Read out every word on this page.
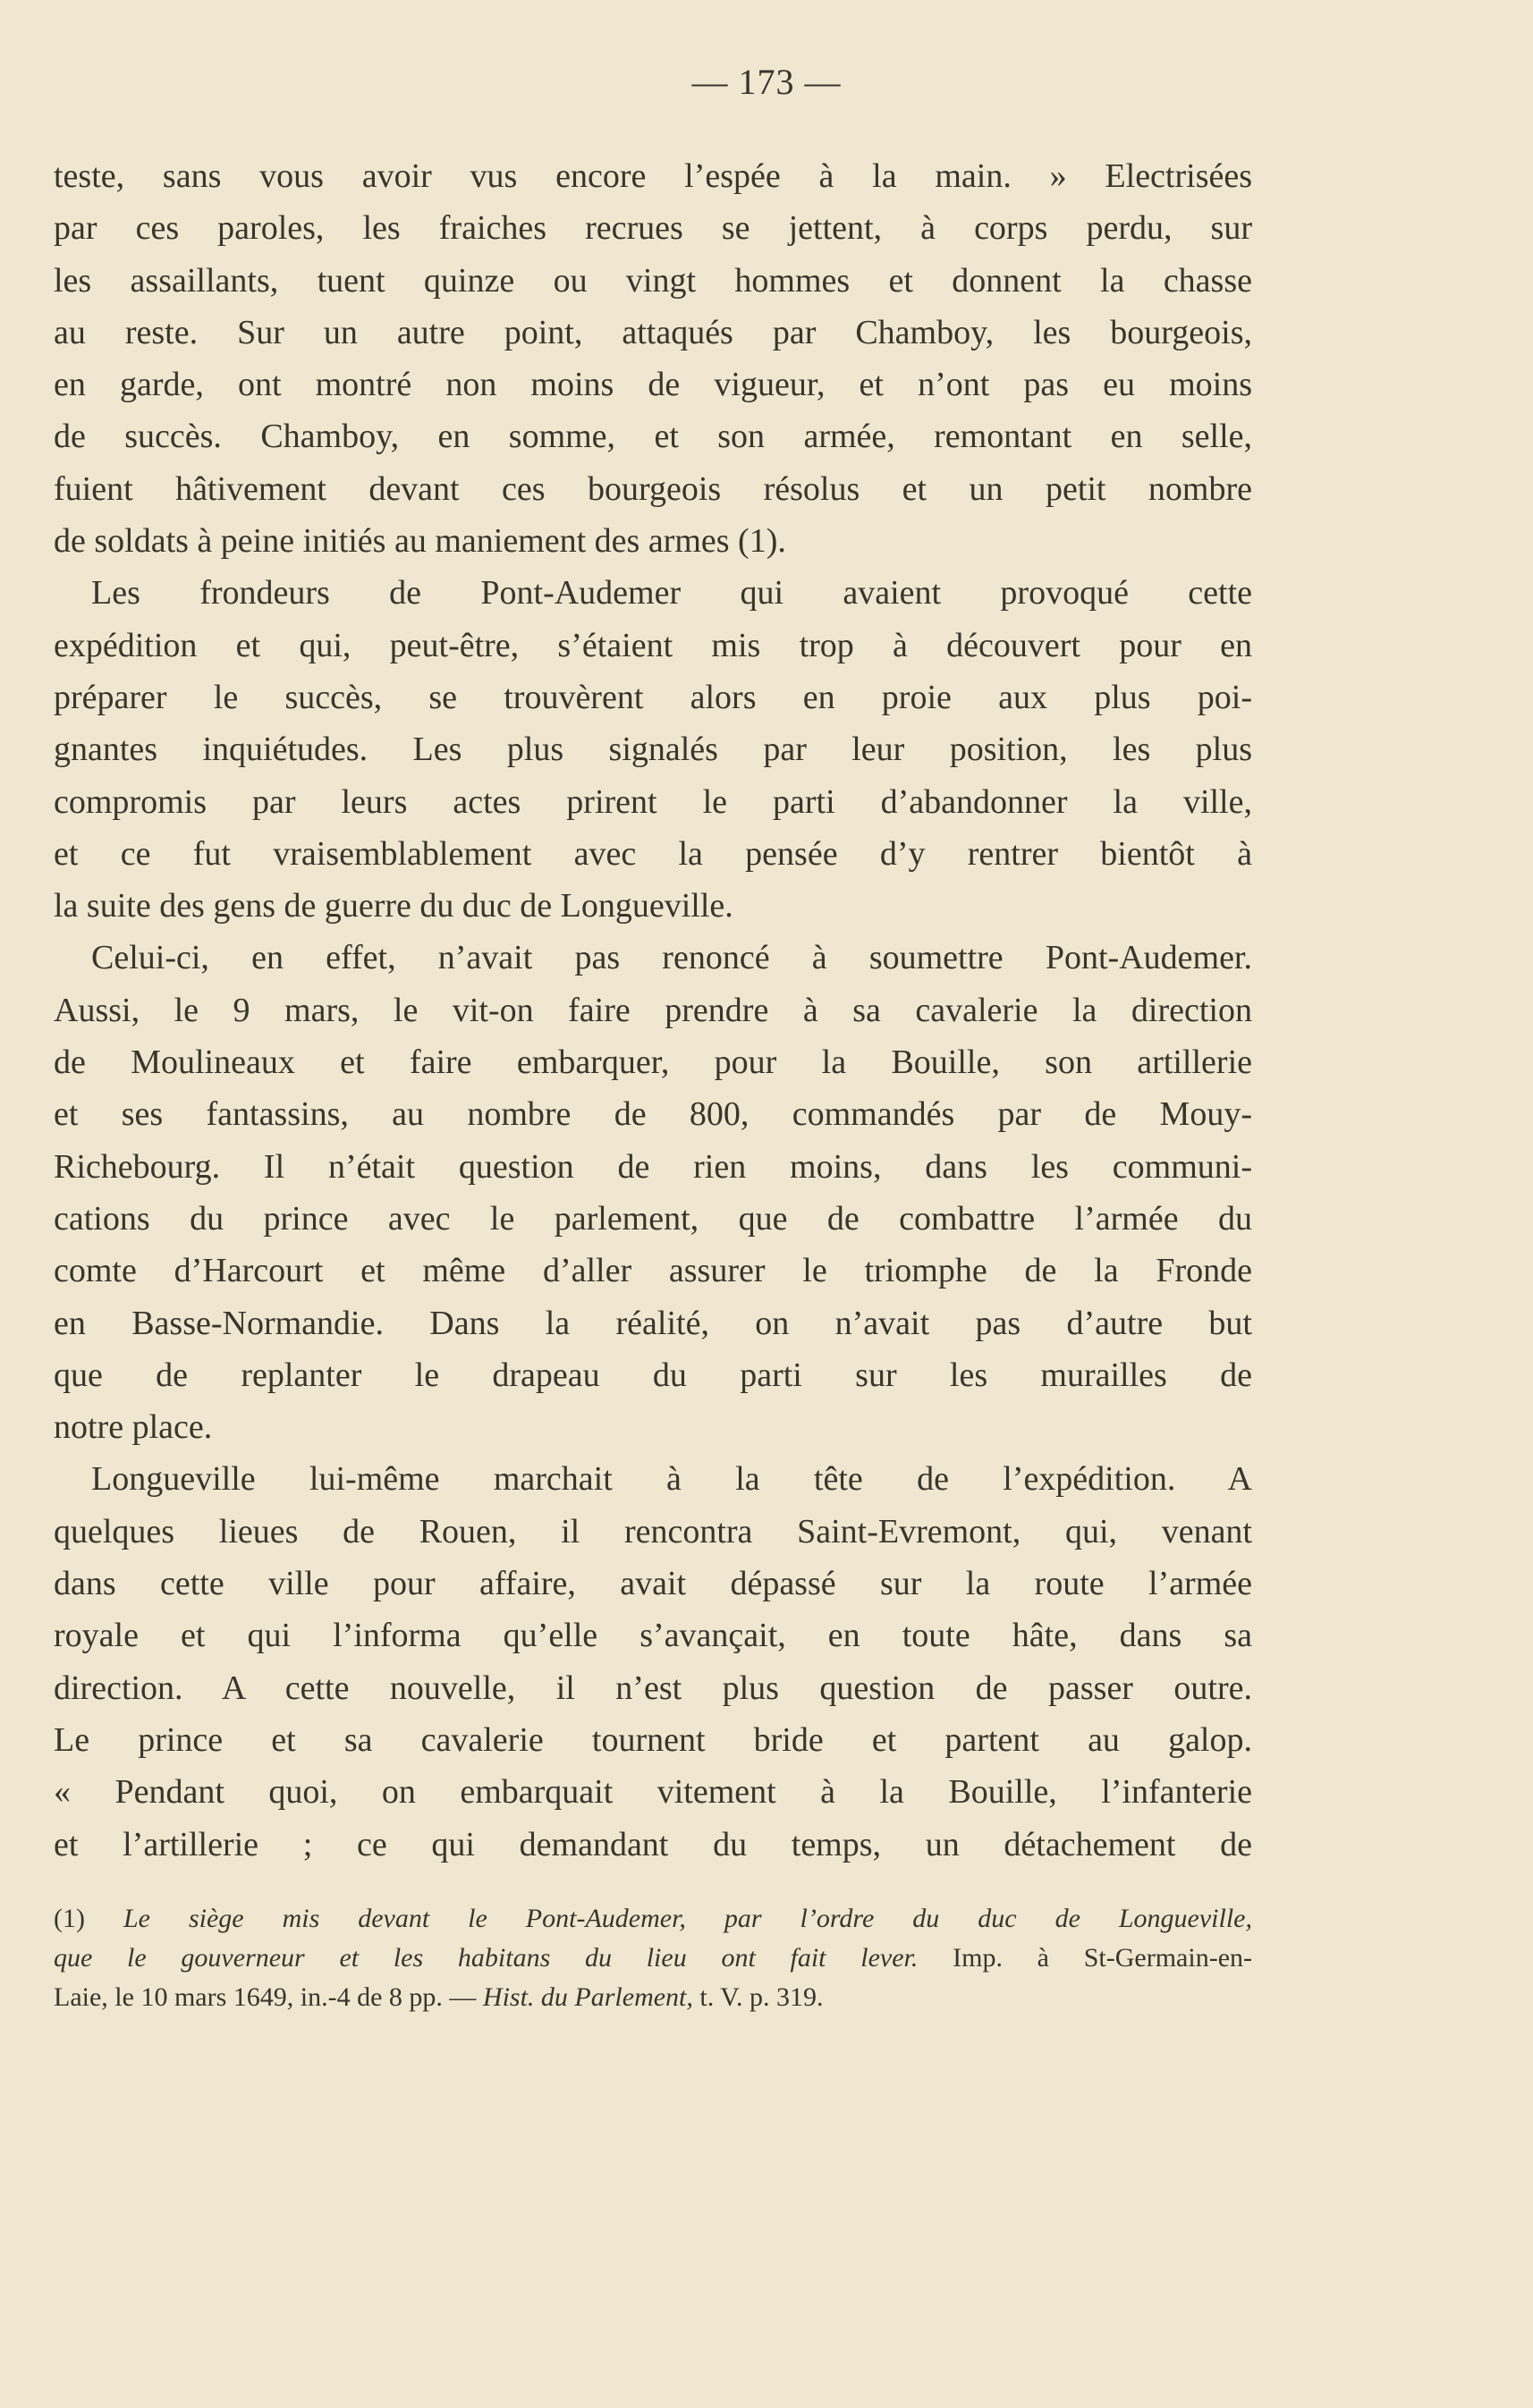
— 173 —
teste, sans vous avoir vus encore l’espée à la main. » Electrisées
par ces paroles, les fraiches recrues se jettent, à corps perdu, sur
les assaillants, tuent quinze ou vingt hommes et donnent la chasse
au reste. Sur un autre point, attaqués par Chamboy, les bourgeois,
en garde, ont montré non moins de vigueur, et n’ont pas eu moins
de succès. Chamboy, en somme, et son armée, remontant en selle,
fuient hâtivement devant ces bourgeois résolus et un petit nombre
de soldats à peine initiés au maniement des armes (1).
Les frondeurs de Pont-Audemer qui avaient provoqué cette
expédition et qui, peut-être, s’étaient mis trop à découvert pour en
préparer le succès, se trouvèrent alors en proie aux plus poi-
gnantes inquiétudes. Les plus signalés par leur position, les plus
compromis par leurs actes prirent le parti d’abandonner la ville,
et ce fut vraisemblablement avec la pensée d’y rentrer bientôt à
la suite des gens de guerre du duc de Longueville.
Celui-ci, en effet, n’avait pas renoncé à soumettre Pont-Audemer.
Aussi, le 9 mars, le vit-on faire prendre à sa cavalerie la direction
de Moulineaux et faire embarquer, pour la Bouille, son artillerie
et ses fantassins, au nombre de 800, commandés par de Mouy-
Richebourg. Il n’était question de rien moins, dans les communi-
cations du prince avec le parlement, que de combattre l’armée du
comte d’Harcourt et même d’aller assurer le triomphe de la Fronde
en Basse-Normandie. Dans la réalité, on n’avait pas d’autre but
que de replanter le drapeau du parti sur les murailles de
notre place.
Longueville lui-même marchait à la tête de l’expédition. A
quelques lieues de Rouen, il rencontra Saint-Evremont, qui, venant
dans cette ville pour affaire, avait dépassé sur la route l’armée
royale et qui l’informa qu’elle s’avançait, en toute hâte, dans sa
direction. A cette nouvelle, il n’est plus question de passer outre.
Le prince et sa cavalerie tournent bride et partent au galop.
« Pendant quoi, on embarquait vitement à la Bouille, l’infanterie
et l’artillerie ; ce qui demandant du temps, un détachement de
(1) Le siège mis devant le Pont-Audemer, par l’ordre du duc de Longueville,
que le gouverneur et les habitans du lieu ont fait lever. Imp. à St-Germain-en-
Laie, le 10 mars 1649, in.-4 de 8 pp. — Hist. du Parlement, t. V. p. 319.
